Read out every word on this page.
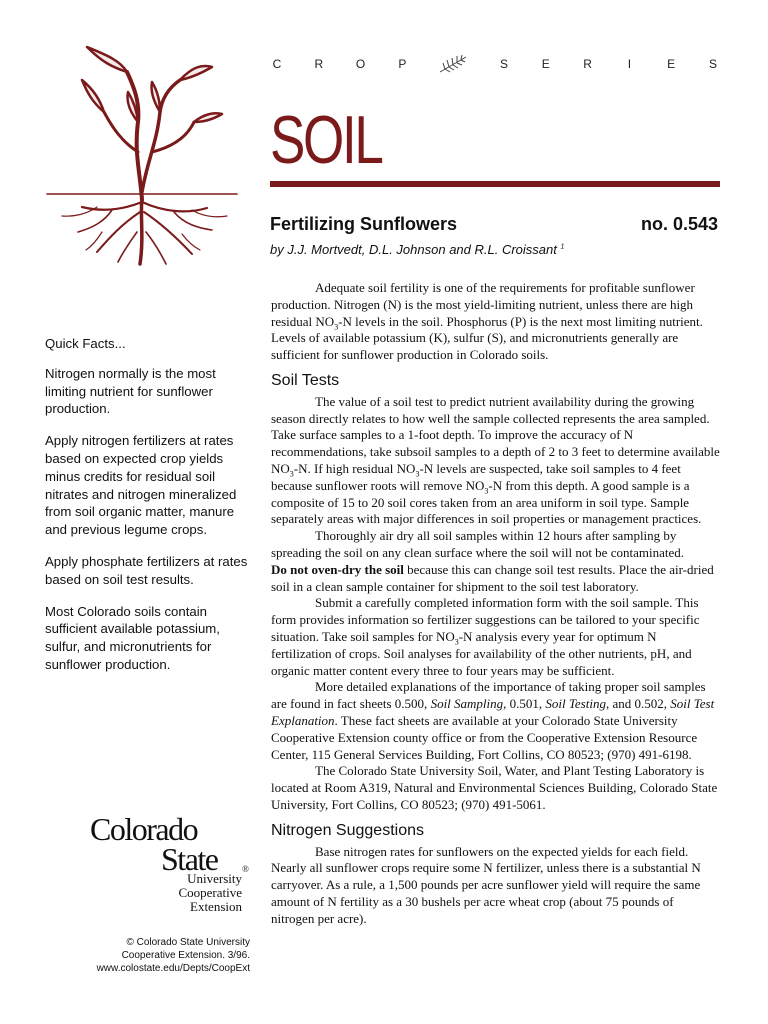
C	R	O	P	S	E	R	I	E	S
SOIL
Fertilizing Sunflowers	no. 0.543
by J.J. Mortvedt, D.L. Johnson and R.L. Croissant $^1$

Quick Facts...

Nitrogen normally is the most limiting nutrient for sunflower production.

Apply nitrogen fertilizers at rates based on expected crop yields minus credits for residual soil nitrates and nitrogen mineralized from soil organic matter, manure and previous legume crops.

Apply phosphate fertilizers at rates based on soil test results.

Most Colorado soils contain sufficient available potassium, sulfur, and micronutrients for sunflower production.

Adequate soil fertility is one of the requirements for profitable sunflower production. Nitrogen (N) is the most yield-limiting nutrient, unless there are high residual $NO_3-N$ levels in the soil. Phosphorus (P) is the next most limiting nutrient. Levels of available potassium (K), sulfur (S), and micronutrients generally are sufficient for sunflower production in Colorado soils.

Soil Tests

The value of a soil test to predict nutrient availability during the growing season directly relates to how well the sample collected represents the area sampled. Take surface samples to a 1-foot depth. To improve the accuracy of N recommendations, take subsoil samples to a depth of 2 to 3 feet to determine available $NO_3-N$. If high residual $NO_3-N$ levels are suspected, take soil samples to 4 feet because sunflower roots will remove $NO_3-N$ from this depth. A good sample is a composite of 15 to 20 soil cores taken from an area uniform in soil type. Sample separately areas with major differences in soil properties or management practices.

Thoroughly air dry all soil samples within 12 hours after sampling by spreading the soil on any clean surface where the soil will not be contaminated.
Do not oven-dry the soil because this can change soil test results. Place the air-dried soil in a clean sample container for shipment to the soil test laboratory.

Submit a carefully completed information form with the soil sample. This form provides information so fertilizer suggestions can be tailored to your specific situation. Take soil samples for $NO_3-N$ analysis every year for optimum N fertilization of crops. Soil analyses for availability of the other nutrients, pH, and organic matter content every three to four years may be sufficient.

More detailed explanations of the importance of taking proper soil samples are found in fact sheets 0.500, Soil Sampling, 0.501, Soil Testing, and 0.502, Soil Test Explanation. These fact sheets are available at your Colorado State University Cooperative Extension county office or from the Cooperative Extension Resource Center, 115 General Services Building, Fort Collins, CO 80523; (970) 491-6198.

The Colorado State University Soil, Water, and Plant Testing Laboratory is located at Room A319, Natural and Environmental Sciences Building, Colorado State University, Fort Collins, CO 80523; (970) 491-5061.

Nitrogen Suggestions

Base nitrogen rates for sunflowers on the expected yields for each field. Nearly all sunflower crops require some N fertilizer, unless there is a substantial N carryover. As a rule, a 1,500 pounds per acre sunflower yield will require the same amount of N fertility as a 30 bushels per acre wheat crop (about 75 pounds of nitrogen per acre).

Colorado
State	®
University
Cooperative
Extension
© Colorado State University
Cooperative Extension. 3/96.
www.colostate.edu/Depts/CoopExt
